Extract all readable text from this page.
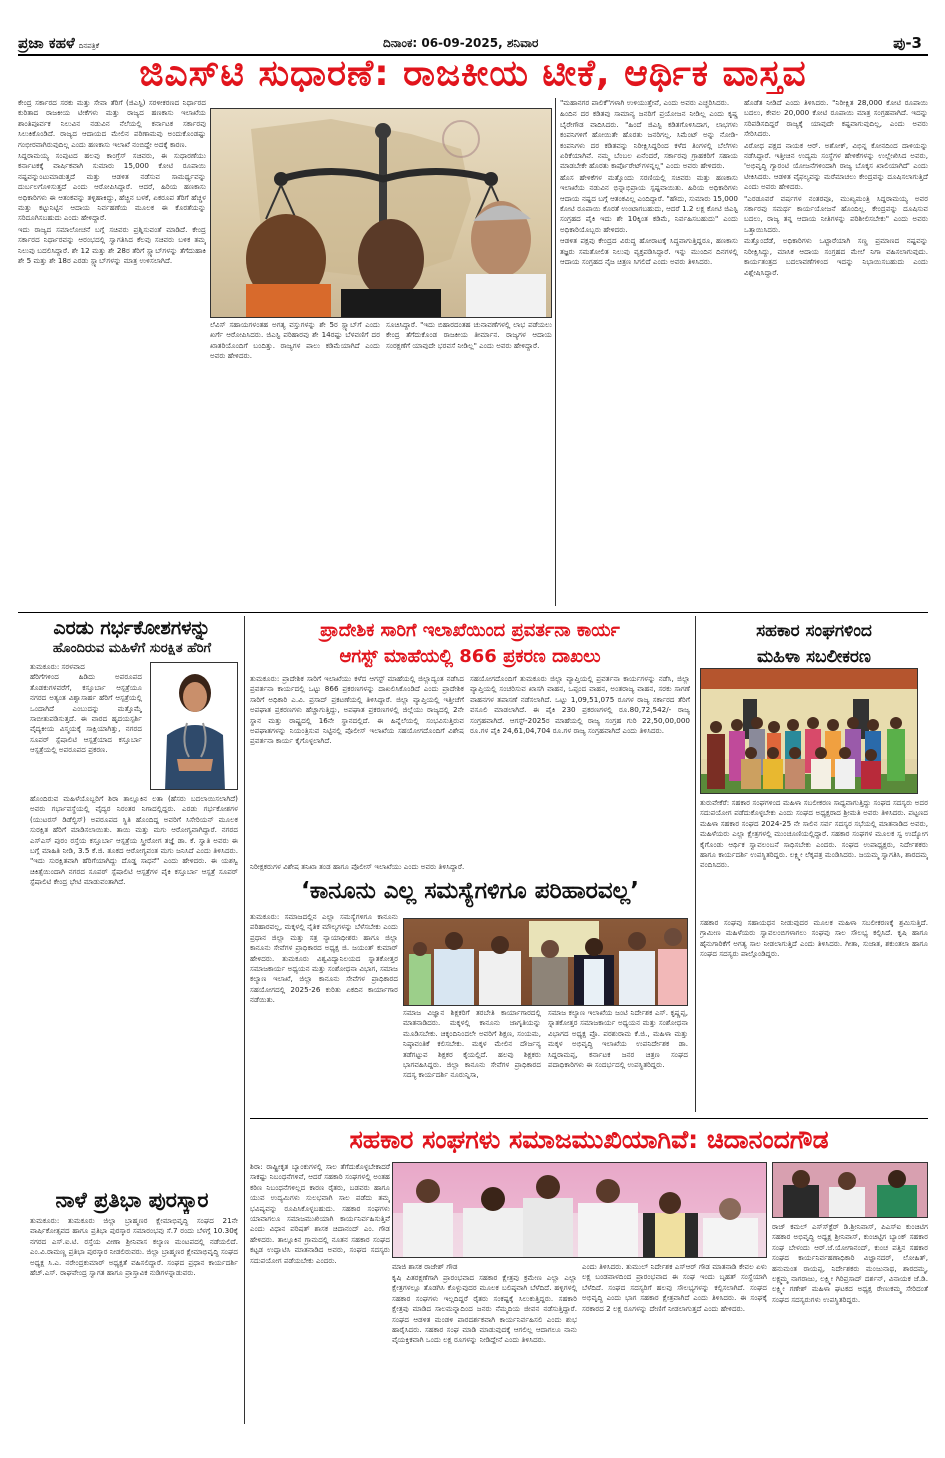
ಪ್ರಜಾ ಕಹಳೆ ದಿನಪತ್ರಿಕೆ	ದಿನಾಂಕ: 06-09-2025, ಶನಿವಾರ	ಪು-3
ಜಿಎಸ್‌ಟಿ ಸುಧಾರಣೆ: ರಾಜಕೀಯ ಟೀಕೆ, ಆರ್ಥಿಕ ವಾಸ್ತವ

ಕೇಂದ್ರ ಸರ್ಕಾರದ ಸರಕು ಮತ್ತು ಸೇವಾ ತೆರಿಗೆ (ಜಿಎಸ್ಟಿ) ಸರಳೀಕರಣದ ನಿರ್ಧಾರದ ಕುರಿತಾದ ರಾಜಕೀಯ ಟೀಕೆಗಳು ಮತ್ತು ರಾಜ್ಯದ ಹಣಕಾಸು ಇಲಾಖೆಯ ಶಾಂತಿಪೂರ್ವಕ ನಿಲುವಿನ ನಡುವಿನ ನೆಲೆಯಲ್ಲಿ ಕರ್ನಾಟಕ ಸರ್ಕಾರವು ಸಿಲುಕಿಕೊಂಡಿದೆ. ರಾಜ್ಯದ ಆದಾಯದ ಮೇಲಿನ ಪರಿಣಾಮವು ಅಂದುಕೊಂಡಷ್ಟು ಗಂಭೀರವಾಗಿರುವುದಿಲ್ಲ ಎಂದು ಹಣಕಾಸು ಇಲಾಖೆ ನಂಬಿದ್ದೇ ಅದಕ್ಕೆ ಕಾರಣ.

ಸಿದ್ದರಾಮಯ್ಯ ಸಂಪುಟದ ಹಲವು ಕಾಂಗ್ರೆಸ್ ಸಚಿವರು, ಈ ಸುಧಾರಣೆಯು ಕರ್ನಾಟಕಕ್ಕೆ ವಾರ್ಷಿಕವಾಗಿ ಸುಮಾರು 15,000 ಕೋಟಿ ರೂಪಾಯಿ ನಷ್ಟವನ್ನುಂಟುಮಾಡುತ್ತದೆ ಮತ್ತು ಆಡಳಿತ ನಡೆಸುವ ಸಾಮರ್ಥ್ಯವನ್ನು ದುರ್ಬಲಗೊಳಿಸುತ್ತದೆ ಎಂದು ಆರೋಪಿಸಿದ್ದಾರೆ. ಆದರೆ, ಹಿರಿಯ ಹಣಕಾಸು ಅಧಿಕಾರಿಗಳು ಈ ಆತಂಕವನ್ನು ತಳ್ಳಿಹಾಕಿದ್ದು, ಹೆಚ್ಚಿನ ಬಳಕೆ, ಏಕರೂಪ ತೆರಿಗೆ ಹೆಚ್ಚಳ ಮತ್ತು ಕಟ್ಟುನಿಟ್ಟಿನ ಆದಾಯ ನಿರ್ವಹಣೆಯ ಮೂಲಕ ಈ ಕೊರತೆಯನ್ನು ಸರಿದೂಗಿಸಬಹುದು ಎಂದು ಹೇಳಿದ್ದಾರೆ.

ಇದು ರಾಜ್ಯದ ಸಮಾಲೋಚನೆ ಬಗ್ಗೆ ಸಚಿವರು ಪ್ರಶ್ನಿಸುವಂತೆ ಮಾಡಿದೆ. ಕೇಂದ್ರ ಸರ್ಕಾರದ ನಿರ್ಧಾರವನ್ನು ಆರಂಭದಲ್ಲಿ ಸ್ವಾಗತಿಸಿದ ಕೆಲವು ಸಚಿವರು ಬಳಿಕ ತಮ್ಮ ನಿಲುವು ಬದಲಿಸಿದ್ದಾರೆ. ಶೇ 12 ಮತ್ತು ಶೇ 28ರ ತೆರಿಗೆ ಸ್ಲ್ಯಾಬ್‌ಗಳನ್ನು ತೆಗೆದುಹಾಕಿ ಶೇ 5 ಮತ್ತು ಶೇ 18ರ ಎರಡು ಸ್ಲ್ಯಾಬ್‌ಗಳನ್ನು ಮಾತ್ರ ಉಳಿಸಲಾಗಿದೆ.

ಲೆವಿಸ್ ಸಹಾಯಗಳಂತಹ ಅಗತ್ಯ ವಸ್ತುಗಳನ್ನು ಶೇ 5ರ ಸ್ಲ್ಯಾಬ್‌ಗೆ ಎಂದು ಖರ್ಗೆ ಆರೋಪಿಸಿದರು. ಜಿಎಸ್ಟಿ ಪರಿಹಾರವು ಶೇ 14ರಷ್ಟು ಬೆಳವಣಿಗೆ ದರ ಖಾತರಿಯೊಂದಿಗೆ ಬಂದಿತ್ತು. ರಾಜ್ಯಗಳ ಪಾಲು ಕಡಿಮೆಯಾಗಿದೆ ಎಂದು ಅವರು ಹೇಳಿದರು.
ಸೂಚಿಸಿದ್ದಾರೆ. "ಇದು ಬಿಹಾರದಂತಹ ಚುನಾವಣೆಗಳಲ್ಲಿ ಲಾಭ ಪಡೆಯಲು ಕೇಂದ್ರ ತೆಗೆದುಕೊಂಡ ರಾಜಕೀಯ ತೀರ್ಮಾನ. ರಾಜ್ಯಗಳ ಆದಾಯ ಸಂರಕ್ಷಣೆಗೆ ಯಾವುದೇ ಭರವಸೆ ನೀಡಿಲ್ಲ" ಎಂದು ಅವರು ಹೇಳಿದ್ದಾರೆ.

"ಮಹಾನಗರ ಪಾಲಿಕೆ"ಗಳಾಗಿ ಉಳಿಯುತ್ತೇವೆ, ಎಂದು ಅವರು ಎಚ್ಚರಿಸಿದರು.

ಹಿಂದಿನ ದರ ಕಡಿತವು ಸಾಮಾನ್ಯ ಜನರಿಗೆ ಪ್ರಯೋಜನ ನೀಡಿಲ್ಲ ಎಂದು ಕೃಷ್ಣ ಬೈರೇಗೌಡ ವಾದಿಸಿದರು. "ಹಿಂದೆ ಜಿಎಸ್ಟಿ ಕಡಿತಗೊಳಿಸಿದಾಗ, ಲಾಭಗಳು ಕಂಪನಿಗಳಿಗೆ ಹೋಯಿತೇ ಹೊರತು ಜನರಿಗಲ್ಲ. ಸಿಮೆಂಟ್ ಅನ್ನು ನೋಡಿ-ಕಂಪನಿಗಳು ದರ ಕಡಿತವನ್ನು ನಿರೀಕ್ಷಿಸಿದ್ದರಿಂದ ಕಳೆದ ತಿಂಗಳಲ್ಲಿ ಬೆಲೆಗಳು ಏರಿಕೆಯಾಗಿವೆ. ನಮ್ಮ ಬೆಂಬಲ ಏನೆಂದರೆ, ಸರ್ಕಾರವು ಗ್ರಾಹಕರಿಗೆ ಸಹಾಯ ಮಾಡಬೇಕೇ ಹೊರತು ಕಾರ್ಪೊರೇಟ್‌ಗಳನ್ನಲ್ಲ" ಎಂದು ಅವರು ಹೇಳಿದರು.

ಹೊಸ ಹೇಳಿಕೆಗಳ ಮತ್ತೊಂದು ಸರಣಿಯಲ್ಲಿ ಸಚಿವರು ಮತ್ತು ಹಣಕಾಸು ಇಲಾಖೆಯ ನಡುವಿನ ಭಿನ್ನಾಭಿಪ್ರಾಯ ಸ್ಪಷ್ಟವಾಯಿತು. ಹಿರಿಯ ಅಧಿಕಾರಿಗಳು ಆದಾಯ ನಷ್ಟದ ಬಗ್ಗೆ ಆತಂಕವಿಲ್ಲ ಎಂದಿದ್ದಾರೆ. "ಹೌದು, ಸುಮಾರು 15,000 ಕೋಟಿ ರೂಪಾಯಿ ಕೊರತೆ ಉಂಟಾಗಬಹುದು, ಆದರೆ 1.2 ಲಕ್ಷ ಕೋಟಿ ಜಿಎಸ್ಟಿ ಸಂಗ್ರಹದ ಪೈಕಿ ಇದು ಶೇ 10ಕ್ಕಿಂತ ಕಡಿಮೆ, ನಿರ್ವಹಿಸಬಹುದು" ಎಂದು ಅಧಿಕಾರಿಯೊಬ್ಬರು ಹೇಳಿದರು.

ಆಡಳಿತ ಪಕ್ಷವು ಕೇಂದ್ರದ ವಿರುದ್ಧ ಹೋರಾಟಕ್ಕೆ ಸಿದ್ಧವಾಗುತ್ತಿದ್ದರೂ, ಹಣಕಾಸು ತಜ್ಞರು ಸಮತೋಲಿತ ನಿಲುವು ವ್ಯಕ್ತಪಡಿಸಿದ್ದಾರೆ. ಇನ್ನು ಮುಂದಿನ ದಿನಗಳಲ್ಲಿ ಆದಾಯ ಸಂಗ್ರಹದ ನೈಜ ಚಿತ್ರಣ ಸಿಗಲಿದೆ ಎಂದು ಅವರು ತಿಳಿಸಿದರು.

ಹೊಡೆತ ನೀಡಿದೆ ಎಂದು ತಿಳಿಸಿದರು. "ನಿರೀಕ್ಷಿತ 28,000 ಕೋಟಿ ರೂಪಾಯಿ ಬದಲು, ಕೇವಲ 20,000 ಕೋಟಿ ರೂಪಾಯಿ ಮಾತ್ರ ಸಂಗ್ರಹವಾಗಿದೆ. ಇದನ್ನು ಸರಿಪಡಿಸದಿದ್ದರೆ ರಾಜ್ಯಕ್ಕೆ ಯಾವುದೇ ಕಷ್ಟವಾಗುವುದಿಲ್ಲ, ಎಂದು ಅವರು ಸೇರಿಸಿದರು.

ವಿರೋಧ ಪಕ್ಷದ ನಾಯಕ ಆರ್. ಅಶೋಕ್, ವಿಭಿನ್ನ ಕೋನದಿಂದ ದಾಳಿಯನ್ನು ನಡೆಸಿದ್ದಾರೆ. ಇತ್ತೀಚಿನ ಉದ್ಯಮ ಸಂಸ್ಥೆಗಳ ಹೇಳಿಕೆಗಳನ್ನು ಉಲ್ಲೇಖಿಸಿದ ಅವರು, 'ಅಭಿವೃದ್ಧಿ ಗ್ಯಾರಂಟಿ ಯೋಜನೆಗಳಿಂದಾಗಿ ರಾಜ್ಯ ಬೊಕ್ಕಸ ಖಾಲಿಯಾಗಿದೆ' ಎಂದು ಟೀಕಿಸಿದರು. ಆಡಳಿತ ವೈಫಲ್ಯವನ್ನು ಮರೆಮಾಚಲು ಕೇಂದ್ರವನ್ನು ದೂಷಿಸಲಾಗುತ್ತಿದೆ ಎಂದು ಅವರು ಹೇಳಿದರು.

"ಎರಡೂವರೆ ವರ್ಷಗಳ ನಂತರವೂ, ಮುಖ್ಯಮಂತ್ರಿ ಸಿದ್ದರಾಮಯ್ಯ ಅವರ ಸರ್ಕಾರವು ಸಮರ್ಥ ಕಾರ್ಯಯೋಜನೆ ಹೊಂದಿಲ್ಲ. ಕೇಂದ್ರವನ್ನು ದೂಷಿಸುವ ಬದಲು, ರಾಜ್ಯ ತನ್ನ ಆದಾಯ ನೀತಿಗಳನ್ನು ಪರಿಶೀಲಿಸಬೇಕು" ಎಂದು ಅವರು ಒತ್ತಾಯಿಸಿದರು.

ಮತ್ತೊಂದೆಡೆ, ಅಧಿಕಾರಿಗಳು ಒಟ್ಟಾರೆಯಾಗಿ ಸಣ್ಣ ಪ್ರಮಾಣದ ನಷ್ಟವನ್ನು ನಿರೀಕ್ಷಿಸಿದ್ದು, ಮಾಸಿಕ ಆದಾಯ ಸಂಗ್ರಹದ ಮೇಲೆ ನಿಗಾ ವಹಿಸಲಾಗುವುದು. ಕಾರ್ಯತಂತ್ರದ ಬದಲಾವಣೆಗಳಿಂದ ಇದನ್ನು ನಿಭಾಯಿಸಬಹುದು ಎಂದು ವಿಶ್ಲೇಷಿಸಿದ್ದಾರೆ.

ಎರಡು ಗರ್ಭಕೋಶಗಳನ್ನು
ಹೊಂದಿರುವ ಮಹಿಳೆಗೆ ಸುರಕ್ಷಿತ ಹೆರಿಗೆ
ತುಮಕೂರು: ಸರಳವಾದ
ಹೆರಿಗೆಗಳಿಂದ ಹಿಡಿದು ಅಪರೂಪದ ತೊಡಕುಗಳವರೆಗೆ, ಕಸ್ತೂರ್ಬಾ ಆಸ್ಪತ್ರೆಯೂ ನಗರದ ಅತ್ಯಂತ ವಿಶ್ವಾಸಾರ್ಹ ಹೆರಿಗೆ ಆಸ್ಪತ್ರೆಯಲ್ಲಿ ಒಂದಾಗಿದೆ ಎಂಬುದನ್ನು ಮತ್ತೊಮ್ಮೆ ಸಾಬೀತುಪಡಿಸುತ್ತದೆ. ಈ ವಾರದ ಹೃದಯಸ್ಪರ್ಶಿ ವೈದ್ಯಕೀಯ ವಿಸ್ಮಯಕ್ಕೆ ಸಾಕ್ಷಿಯಾಗಿತ್ತು, ನಗರದ ಸೂಪರ್ ಸ್ಪೆಷಾಲಿಟಿ ಆಸ್ಪತ್ರೆಯಾದ ಕಸ್ತೂರ್ಬಾ ಆಸ್ಪತ್ರೆಯಲ್ಲಿ ಅಪರೂಪದ ಪ್ರಕರಣ.
ಹೊಂದಿರುವ ಮಹಿಳೆಯೊಬ್ಬರಿಗೆ ಶಿರಾ ತಾಲ್ಲೂಕಿನ ಲತಾ (ಹೆಸರು ಬದಲಾಯಿಸಲಾಗಿದೆ) ಅವರು ಗರ್ಭಾವಸ್ಥೆಯಲ್ಲಿ ವೈದ್ಯರ ನಿರಂತರ ನಿಗಾದಲ್ಲಿದ್ದರು. ಎರಡು ಗರ್ಭಕೋಶಗಳ (ಯುಟರಸ್ ಡಿಡೆಲ್ಫಿಸ್) ಅಪರೂಪದ ಸ್ಥಿತಿ ಹೊಂದಿದ್ದ ಅವರಿಗೆ ಸಿಸೇರಿಯನ್ ಮೂಲಕ ಸುರಕ್ಷಿತ ಹೆರಿಗೆ ಮಾಡಿಸಲಾಯಿತು. ತಾಯಿ ಮತ್ತು ಮಗು ಆರೋಗ್ಯವಾಗಿದ್ದಾರೆ. ನಗರದ ಎಸ್‌ಎಸ್ ಪುರಂ ರಸ್ತೆಯ ಕಸ್ತೂರ್ಬಾ ಆಸ್ಪತ್ರೆಯ ಸ್ತ್ರೀರೋಗ ತಜ್ಞೆ ಡಾ. ಕೆ. ಸ್ವಾತಿ ಅವರು ಈ ಬಗ್ಗೆ ಮಾಹಿತಿ ನೀಡಿ, 3.5 ಕೆ.ಜಿ. ತೂಕದ ಆರೋಗ್ಯವಂತ ಮಗು ಜನಿಸಿದೆ ಎಂದು ತಿಳಿಸಿದರು. "ಇದು ಸುರಕ್ಷಿತವಾಗಿ ಹೆರಿಗೆಯಾಗಿದ್ದು ದೊಡ್ಡ ಸಾಧನೆ" ಎಂದು ಹೇಳಿದರು. ಈ ಯಶಸ್ವಿ ಚಿಕಿತ್ಸೆಯಿಂದಾಗಿ ನಗರದ ಸೂಪರ್ ಸ್ಪೆಷಾಲಿಟಿ ಆಸ್ಪತ್ರೆಗಳ ಪೈಕಿ ಕಸ್ತೂರ್ಬಾ ಆಸ್ಪತ್ರೆ ಸೂಪರ್ ಸ್ಪೆಷಾಲಿಟಿ ಕೇಂದ್ರ ಭೇಟಿ ಮಾಡುವಂತಾಗಿದೆ.
ನಾಳೆ ಪ್ರತಿಭಾ ಪುರಸ್ಕಾರ
ತುಮಕೂರು: ತುಮಕೂರು ಜಿಲ್ಲಾ ಬ್ರಾಹ್ಮಣರ ಕ್ಷೇಮಾಭಿವೃದ್ಧಿ ಸಂಘದ 21ನೇ ವಾರ್ಷಿಕೋತ್ಸವದ ಹಾಗೂ ಪ್ರತಿಭಾ ಪುರಸ್ಕಾರ ಸಮಾರಂಭವು ಸೆ.7 ರಂದು ಬೆಳಗ್ಗೆ 10.30ಕ್ಕೆ ನಗರದ ಎಸ್.ಐ.ಟಿ. ರಸ್ತೆಯ ವೀಣಾ ಶ್ರೀನಿವಾಸ ಕಲ್ಯಾಣ ಮಂಟಪದಲ್ಲಿ ನಡೆಯಲಿದೆ. ಎಂ.ವಿ.ರಾಮಣ್ಣ ಪ್ರತಿಭಾ ಪುರಸ್ಕಾರ ನೀಡಲಿರುವರು. ಜಿಲ್ಲಾ ಬ್ರಾಹ್ಮಣರ ಕ್ಷೇಮಾಭಿವೃದ್ಧಿ ಸಂಘದ ಅಧ್ಯಕ್ಷ ಸಿ.ಎ. ನರೇಂದ್ರಕುಮಾರ್ ಅಧ್ಯಕ್ಷತೆ ವಹಿಸಲಿದ್ದಾರೆ. ಸಂಘದ ಪ್ರಧಾನ ಕಾರ್ಯದರ್ಶಿ ಹೆಚ್.ಎಸ್. ರಾಘವೇಂದ್ರ ಸ್ವಾಗತ ಹಾಗೂ ಪ್ರಾಸ್ತಾವಿಕ ನುಡಿಗಳನ್ನಾಡುವರು.
ಪ್ರಾದೇಶಿಕ ಸಾರಿಗೆ ಇಲಾಖೆಯಿಂದ ಪ್ರವರ್ತನಾ ಕಾರ್ಯ
ಆಗಸ್ಟ್ ಮಾಹೆಯಲ್ಲಿ 866 ಪ್ರಕರಣ ದಾಖಲು
ತುಮಕೂರು: ಪ್ರಾದೇಶಿಕ ಸಾರಿಗೆ ಇಲಾಖೆಯು ಕಳೆದ ಆಗಸ್ಟ್ ಮಾಹೆಯಲ್ಲಿ ಜಿಲ್ಲಾದ್ಯಂತ ನಡೆಸಿದ ಪ್ರವರ್ತನಾ ಕಾರ್ಯದಲ್ಲಿ ಒಟ್ಟು 866 ಪ್ರಕರಣಗಳನ್ನು ದಾಖಲಿಸಿಕೊಂಡಿದೆ ಎಂದು ಪ್ರಾದೇಶಿಕ ಸಾರಿಗೆ ಅಧಿಕಾರಿ ಎ.ವಿ. ಪ್ರಸಾದ್ ಪ್ರಕಟಣೆಯಲ್ಲಿ ತಿಳಿಸಿದ್ದಾರೆ. ಜಿಲ್ಲಾ ವ್ಯಾಪ್ತಿಯಲ್ಲಿ ಇತ್ತೀಚೆಗೆ ಅಪಘಾತ ಪ್ರಕರಣಗಳು ಹೆಚ್ಚಾಗುತ್ತಿದ್ದು, ಅಪಘಾತ ಪ್ರಕರಣಗಳಲ್ಲಿ ಜಿಲ್ಲೆಯು ರಾಜ್ಯದಲ್ಲಿ 2ನೇ ಸ್ಥಾನ ಮತ್ತು ರಾಷ್ಟ್ರದಲ್ಲಿ 16ನೇ ಸ್ಥಾನದಲ್ಲಿದೆ. ಈ ಹಿನ್ನೆಲೆಯಲ್ಲಿ ಸಂಭವಿಸುತ್ತಿರುವ ಅಪಘಾತಗಳನ್ನು ನಿಯಂತ್ರಿಸುವ ನಿಟ್ಟಿನಲ್ಲಿ ಪೊಲೀಸ್ ಇಲಾಖೆಯ ಸಹಯೋಗದೊಂದಿಗೆ ವಿಶೇಷ ಪ್ರವರ್ತನಾ ಕಾರ್ಯ ಕೈಗೊಳ್ಳಲಾಗಿದೆ.
ಸಹಯೋಗದೊಂದಿಗೆ ತುಮಕೂರು ಜಿಲ್ಲಾ ವ್ಯಾಪ್ತಿಯಲ್ಲಿ ಪ್ರವರ್ತನಾ ಕಾರ್ಯಗಳನ್ನು ನಡೆಸಿ, ಜಿಲ್ಲಾ ವ್ಯಾಪ್ತಿಯಲ್ಲಿ ಸಂಚರಿಸುವ ಖಾಸಗಿ ವಾಹನ, ಒಪ್ಪಂದ ವಾಹನ, ಅಂತರಾಜ್ಯ ವಾಹನ, ಸರಕು ಸಾಗಣೆ ವಾಹನಗಳ ತಪಾಸಣೆ ನಡೆಸಲಾಗಿದೆ. ಒಟ್ಟು 1,09,51,075 ರೂಗಳ ರಾಜ್ಯ ಸರ್ಕಾರದ ತೆರಿಗೆ ವಸೂಲಿ ಮಾಡಲಾಗಿದೆ. ಈ ಪೈಕಿ 230 ಪ್ರಕರಣಗಳಲ್ಲಿ ರೂ.80,72,542/- ರಾಜ್ಯ ಸಂಗ್ರಹವಾಗಿದೆ. ಆಗಸ್ಟ್-2025ರ ಮಾಹೆಯಲ್ಲಿ ರಾಜ್ಯ ಸಂಗ್ರಹ ಗುರಿ 22,50,00,000 ರೂ.ಗಳ ಪೈಕಿ 24,61,04,704 ರೂ.ಗಳ ರಾಜ್ಯ ಸಂಗ್ರಹವಾಗಿದೆ ಎಂದು ತಿಳಿಸಿದರು.
ನಿರೀಕ್ಷಕರುಗಳ ವಿಶೇಷ ತನಿಖಾ ತಂಡ ಹಾಗೂ ಪೊಲೀಸ್ ಇಲಾಖೆಯು ಎಂದು ಅವರು ತಿಳಿಸಿದ್ದಾರೆ.
‘ಕಾನೂನು ಎಲ್ಲ ಸಮಸ್ಯೆಗಳಿಗೂ ಪರಿಹಾರವಲ್ಲ’
ತುಮಕೂರು: ಸಮಾಜದಲ್ಲಿನ ಎಲ್ಲಾ ಸಮಸ್ಯೆಗಳಿಗೂ ಕಾನೂನು ಪರಿಹಾರವಲ್ಲ, ಮಕ್ಕಳಲ್ಲಿ ನೈತಿಕ ಮೌಲ್ಯಗಳನ್ನು ಬೆಳೆಸಬೇಕು ಎಂದು ಪ್ರಧಾನ ಜಿಲ್ಲಾ ಮತ್ತು ಸತ್ರ ನ್ಯಾಯಾಧೀಶರು ಹಾಗೂ ಜಿಲ್ಲಾ ಕಾನೂನು ಸೇವೆಗಳ ಪ್ರಾಧಿಕಾರದ ಅಧ್ಯಕ್ಷ ಜಿ. ಜಯಂತ್ ಕುಮಾರ್ ಹೇಳಿದರು. ತುಮಕೂರು ವಿಶ್ವವಿದ್ಯಾನಿಲಯದ ಸ್ನಾತಕೋತ್ತರ ಸಮಾಜಕಾರ್ಯ ಅಧ್ಯಯನ ಮತ್ತು ಸಂಶೋಧನಾ ವಿಭಾಗ, ಸಮಾಜ ಕಲ್ಯಾಣ ಇಲಾಖೆ, ಜಿಲ್ಲಾ ಕಾನೂನು ಸೇವೆಗಳ ಪ್ರಾಧಿಕಾರದ ಸಹಯೋಗದಲ್ಲಿ 2025-26 ಕುರಿತು ಏಕದಿನ ಕಾರ್ಯಾಗಾರ ನಡೆಯಿತು.
ಸಮಾಜ ವಿಜ್ಞಾನ ಶಿಕ್ಷಕರಿಗೆ ತರಬೇತಿ ಕಾರ್ಯಾಗಾರದಲ್ಲಿ ಮಾತನಾಡಿದರು. ಮಕ್ಕಳಲ್ಲಿ ಕಾನೂನು ಜಾಗೃತಿಯನ್ನು ಮೂಡಿಸಬೇಕು. ಚಿಕ್ಕಂದಿನಿಂದಲೇ ಅವರಿಗೆ ಶಿಕ್ಷಣ, ಸಂಯಮ, ನಿಷ್ಠಾವಂತಿಕೆ ಕಲಿಸಬೇಕು. ಮಕ್ಕಳ ಮೇಲಿನ ದೌರ್ಜನ್ಯ ತಡೆಗಟ್ಟುವ ಶಿಕ್ಷಕರ ಕೈಯಲ್ಲಿದೆ. ಹಲವು ಶಿಕ್ಷಕರು ಭಾಗವಹಿಸಿದ್ದರು. ಜಿಲ್ಲಾ ಕಾನೂನು ಸೇವೆಗಳ ಪ್ರಾಧಿಕಾರದ ಸದಸ್ಯ ಕಾರ್ಯದರ್ಶಿ ನೂರುನ್ನಿಸಾ,
ಸಮಾಜ ಕಲ್ಯಾಣ ಇಲಾಖೆಯ ಜಂಟಿ ನಿರ್ದೇಶಕ ಎಸ್. ಕೃಷ್ಣಪ್ಪ, ಸ್ನಾತಕೋತ್ತರ ಸಮಾಜಕಾರ್ಯ ಅಧ್ಯಯನ ಮತ್ತು ಸಂಶೋಧನಾ ವಿಭಾಗದ ಅಧ್ಯಕ್ಷ ಪ್ರೊ. ಪರಶುರಾಮ ಕೆ.ಜಿ., ಮಹಿಳಾ ಮತ್ತು ಮಕ್ಕಳ ಅಭಿವೃದ್ಧಿ ಇಲಾಖೆಯ ಉಪನಿರ್ದೇಶಕ ಡಾ. ಸಿದ್ದರಾಮಪ್ಪ, ಕರ್ನಾಟಕ ಜನರ ಚಿತ್ರಣ ಸಂಘದ ಪದಾಧಿಕಾರಿಗಳು ಈ ಸಂದರ್ಭದಲ್ಲಿ ಉಪಸ್ಥಿತರಿದ್ದರು.
ಸಹಕಾರ ಸಂಘಗಳಿಂದ
ಮಹಿಳಾ ಸಬಲೀಕರಣ
ತುರುವೇಕೆರೆ: ಸಹಕಾರ ಸಂಘಗಳಿಂದ ಮಹಿಳಾ ಸಬಲೀಕರಣ ಸಾಧ್ಯವಾಗುತ್ತಿದ್ದು ಸಂಘದ ಸದಸ್ಯರು ಅದರ ಸದುಪಯೋಗ ಪಡೆದುಕೊಳ್ಳಬೇಕು ಎಂದು ಸಂಘದ ಅಧ್ಯಕ್ಷರಾದ ಶ್ರೀಮತಿ ಅವರು ತಿಳಿಸಿದರು. ಪಟ್ಟಣದ ಮಹಿಳಾ ಸಹಕಾರ ಸಂಘದ 2024-25 ನೇ ಸಾಲಿನ ಸರ್ವ ಸದಸ್ಯರ ಸಭೆಯಲ್ಲಿ ಮಾತನಾಡಿದ ಅವರು, ಮಹಿಳೆಯರು ಎಲ್ಲಾ ಕ್ಷೇತ್ರಗಳಲ್ಲಿ ಮುಂಚೂಣಿಯಲ್ಲಿದ್ದಾರೆ. ಸಹಕಾರ ಸಂಘಗಳ ಮೂಲಕ ಸ್ವ ಉದ್ಯೋಗ ಕೈಗೊಂಡು ಆರ್ಥಿಕ ಸ್ವಾವಲಂಬನೆ ಸಾಧಿಸಬೇಕು ಎಂದರು. ಸಂಘದ ಉಪಾಧ್ಯಕ್ಷರು, ನಿರ್ದೇಶಕರು ಹಾಗೂ ಕಾರ್ಯದರ್ಶಿ ಉಪಸ್ಥಿತರಿದ್ದರು. ಲಕ್ಷ್ಮೀ ಲೆಕ್ಕಪತ್ರ ಮಂಡಿಸಿದರು. ಜಯಮ್ಮ ಸ್ವಾಗತಿಸಿ, ಶಾರದಮ್ಮ ವಂದಿಸಿದರು.
ಸಹಕಾರ ಸಂಘವು ಸಹಾಯಧನ ನೀಡುವುದರ ಮೂಲಕ ಮಹಿಳಾ ಸಬಲೀಕರಣಕ್ಕೆ ಶ್ರಮಿಸುತ್ತಿದೆ. ಗ್ರಾಮೀಣ ಮಹಿಳೆಯರು ಸ್ವಾವಲಂಬಿಗಳಾಗಲು ಸಂಘವು ಸಾಲ ಸೌಲಭ್ಯ ಕಲ್ಪಿಸಿದೆ. ಕೃಷಿ ಹಾಗೂ ಹೈನುಗಾರಿಕೆಗೆ ಅಗತ್ಯ ಸಾಲ ನೀಡಲಾಗುತ್ತಿದೆ ಎಂದು ತಿಳಿಸಿದರು. ಗೀತಾ, ಸುಜಾತ, ಶಕುಂತಲಾ ಹಾಗೂ ಸಂಘದ ಸದಸ್ಯರು ಪಾಲ್ಗೊಂಡಿದ್ದರು.
ಸಹಕಾರ ಸಂಘಗಳು ಸಮಾಜಮುಖಿಯಾಗಿವೆ: ಚಿದಾನಂದಗೌಡ
ಶಿರಾ: ರಾಷ್ಟ್ರೀಕೃತ ಬ್ಯಾಂಕುಗಳಲ್ಲಿ ಸಾಲ ತೆಗೆದುಕೊಳ್ಳಬೇಕಾದರೆ ಸಾಕಷ್ಟು ನಿಬಂಧನೆಗಳಿವೆ, ಆದರೆ ಸಹಕಾರಿ ಸಂಘಗಳಲ್ಲಿ ಅಂತಹ ಕಠಿಣ ನಿಬಂಧನೆಗಳಿಲ್ಲದ ಕಾರಣ ರೈತರು, ಬಡವರು ಹಾಗೂ ಯುವ ಉದ್ಯಮಿಗಳು ಸುಲಭವಾಗಿ ಸಾಲ ಪಡೆದು ತಮ್ಮ ಭವಿಷ್ಯವನ್ನು ರೂಪಿಸಿಕೊಳ್ಳಬಹುದು. ಸಹಕಾರ ಸಂಘಗಳು ಯಾವಾಗಲೂ ಸಮಾಜಮುಖಿಯಾಗಿ ಕಾರ್ಯನಿರ್ವಹಿಸುತ್ತಿವೆ ಎಂದು ವಿಧಾನ ಪರಿಷತ್ ಶಾಸಕ ಚಿದಾನಂದ್ ಎಂ. ಗೌಡ ಹೇಳಿದರು. ತಾಲ್ಲೂಕಿನ ಗ್ರಾಮದಲ್ಲಿ ನೂತನ ಸಹಕಾರ ಸಂಘದ ಕಟ್ಟಡ ಉದ್ಘಾಟಿಸಿ ಮಾತನಾಡಿದ ಅವರು, ಸಂಘದ ಸದಸ್ಯರು ಸದುಪಯೋಗ ಪಡೆಯಬೇಕು ಎಂದರು.
ಮಾಜಿ ಶಾಸಕ ರಾಜೇಶ್ ಗೌಡ
ಕೃಷಿ ಪಿತರಕ್ಷಣೆಗಾಗಿ ಪ್ರಾರಂಭವಾದ ಸಹಕಾರ ಕ್ಷೇತ್ರವು ಕ್ರಮೇಣ ಎಲ್ಲಾ ಎಲ್ಲಾ ಕ್ಷೇತ್ರಗಳಲ್ಲೂ ತೊಡಗಿಸಿ ಕೊಳ್ಳುವುದರ ಮೂಲಕ ಬಲಿಷ್ಠವಾಗಿ ಬೆಳೆದಿದೆ. ಹಳ್ಳಿಗಳಲ್ಲಿ ಸಹಕಾರ ಸಂಘಗಳು ಇಲ್ಲದಿದ್ದರೆ ರೈತರು ಸಂಕಷ್ಟಕ್ಕೆ ಸಿಲುಕುತ್ತಿದ್ದರು. ಸಹಕಾರಿ ಕ್ಷೇತ್ರವು ಮಾಡಿದ ಸಾಲಮನ್ನಾದಿಂದ ಜನರು ನೆಮ್ಮದಿಯ ಜೀವನ ನಡೆಸುತ್ತಿದ್ದಾರೆ. ಸಂಘದ ಆಡಳಿತ ಮಂಡಳಿ ಪಾರದರ್ಶಕವಾಗಿ ಕಾರ್ಯನಿರ್ವಹಿಸಲಿ ಎಂದು ಶುಭ ಹಾರೈಸಿದರು. ಸಹಕಾರ ಸಂಘ ಮಾಡಿ ಮಾಡುವುದಕ್ಕೆ ಆಗಲಿಲ್ಲ ಆದಾಗಲೂ ನಾನು ವೈಯಕ್ತಿಕವಾಗಿ ಒಂದು ಲಕ್ಷ ರೂಗಳನ್ನು ನೀಡಿದ್ದೇನೆ ಎಂದು ತಿಳಿಸಿದರು.
ಎಂದು ತಿಳಿಸಿದರು. ತುಮುಲ್ ನಿರ್ದೇಶಕ ಎಸ್‌ಆರ್ ಗೌಡ ಮಾತನಾಡಿ ಕೇವಲ ಏಳು ಲಕ್ಷ ಬಂಡವಾಳದಿಂದ ಪ್ರಾರಂಭವಾದ ಈ ಸಂಘ ಇಂದು ಬೃಹತ್ ಸಂಸ್ಥೆಯಾಗಿ ಬೆಳೆದಿದೆ. ಸಂಘದ ಸದಸ್ಯರಿಗೆ ಹಲವು ಸೌಲಭ್ಯಗಳನ್ನು ಕಲ್ಪಿಸಲಾಗಿದೆ. ಸಂಘದ ಅಭಿವೃದ್ಧಿ ಎಂದು ಭಾಗ ಸಹಕಾರ ಕ್ಷೇತ್ರವಾಗಿದೆ ಎಂದು ತಿಳಿಸಿದರು. ಈ ಸಂಘಕ್ಕೆ ಸರಕಾರದ 2 ಲಕ್ಷ ರೂಗಳನ್ನು ದೇಣಿಗೆ ನೀಡಲಾಗುತ್ತದೆ ಎಂದು ಹೇಳಿದರು.
ರಾಜ್ ಕಮಲ್ ಎಸ್‌ಸ್‌ಕ್ಟೆರ್ ಡಿ.ಶ್ರೀನಿವಾಸ್, ಪಿಎಸ್‌ಐ ಕುಂಚಿಟಿಗ ಸಹಕಾರ ಅಭಿವೃದ್ಧಿ ಅಧ್ಯಕ್ಷ ಶ್ರೀನಿವಾಸ್, ಕುಂಚಿಟ್ಟಿಗ ಬ್ಯಾಂಕ್ ಸಹಕಾರ ಸಂಘ ಬೇಳಂದು ಆರ್.ಜೆ.ಯೋಗಾನಂದ್, ಕುಂಚ ಪತ್ತಿನ ಸಹಕಾರ ಸಂಘದ ಕಾರ್ಯನಿರ್ವಹಣಾಧಿಕಾರಿ ವಿಜ್ಞಾನದರ್, ಲೋಹಿತ್, ಹನುಮಂತ ರಾಯಪ್ಪ, ನಿರ್ದೇಶಕರು ಮಂಜುನಾಥ, ಶಾರದಮ್ಮ, ಲಕ್ಷ್ಮಮ್ಮ ನಾಗರಾಜು, ಲಕ್ಷ್ಮೀ ಗಿರಿಪ್ರಸಾದ್ ದರ್ಶನ್, ವಿನಾಯಕ ಜೆ.ಡಿ. ಲಕ್ಷ್ಮೀ ಗಣೇಶ್ ಮಹಿಳಾ ಘಟಕದ ಅಧ್ಯಕ್ಷ ರೇಣುಕಮ್ಮ ಸೇರಿದಂತೆ ಸಂಘದ ಸದಸ್ಯರುಗಳು ಉಪಸ್ಥಿತರಿದ್ದರು.
